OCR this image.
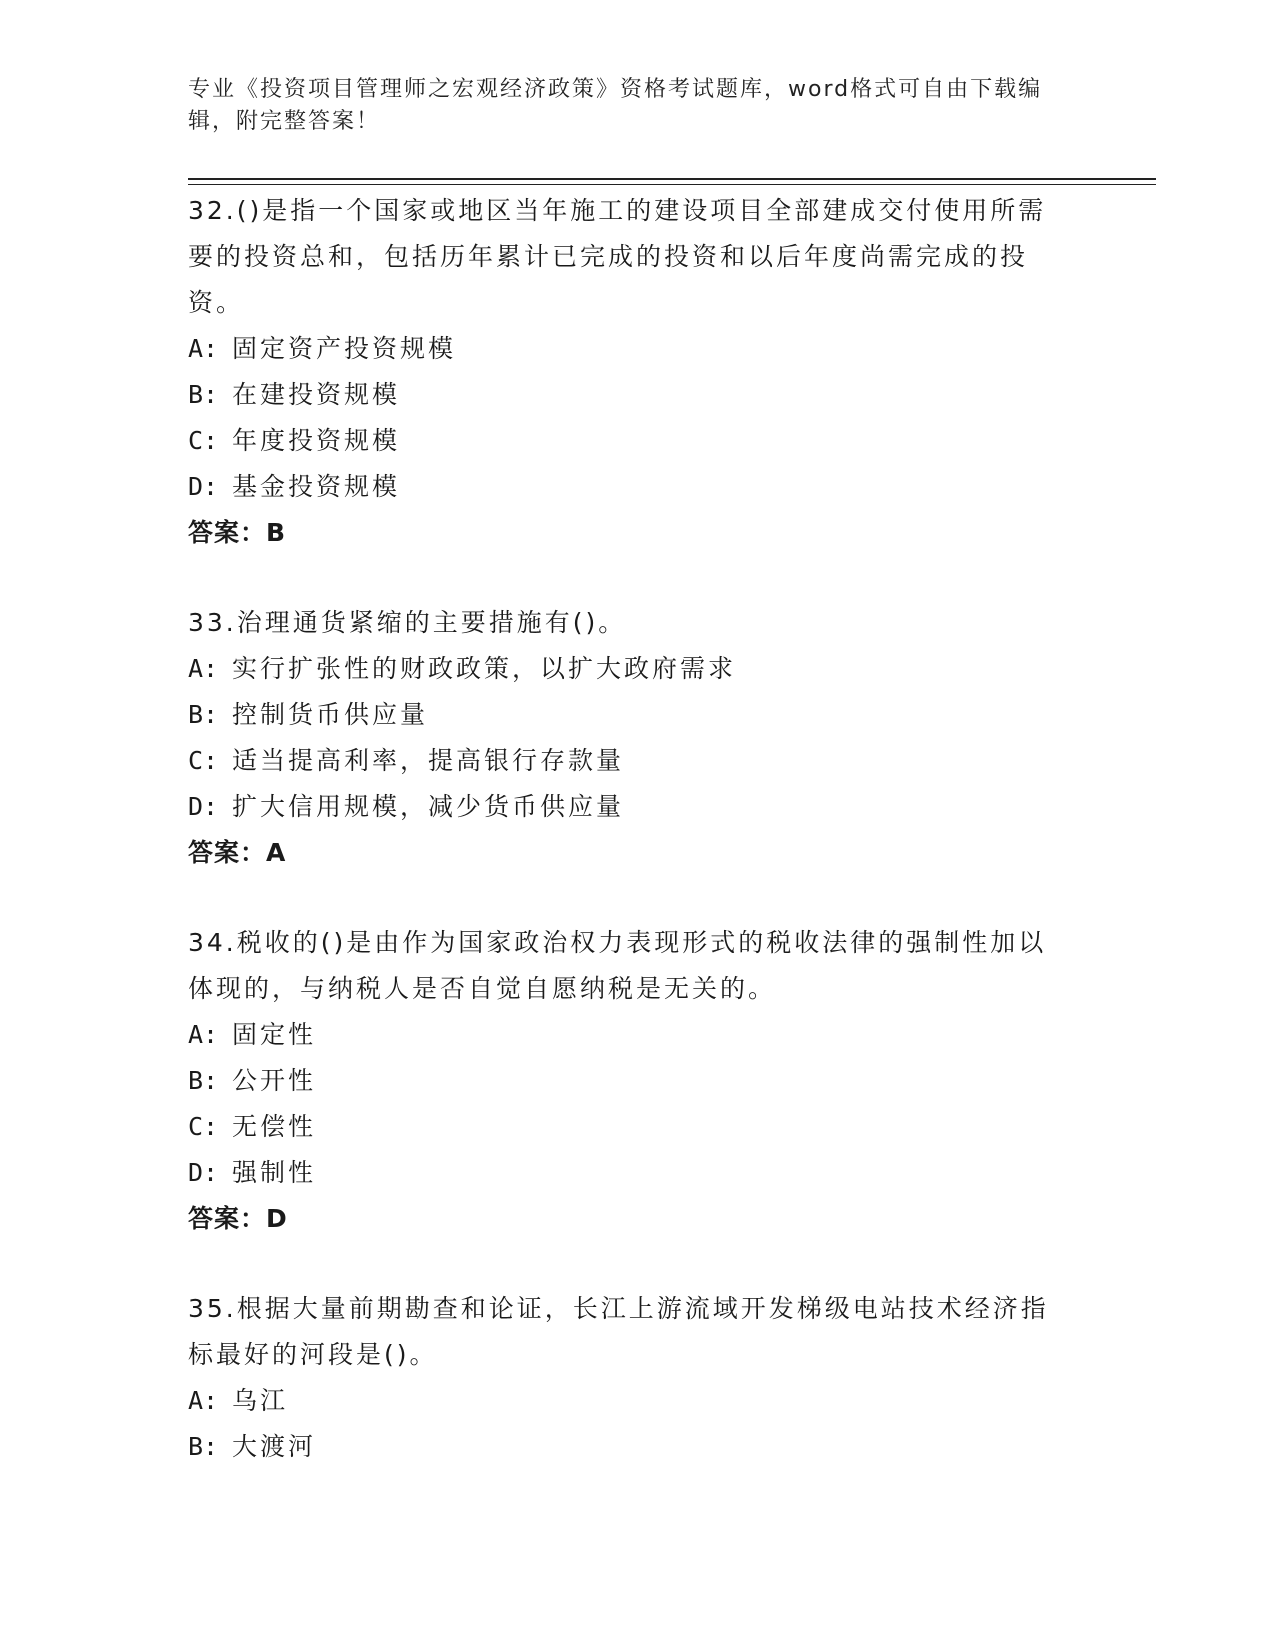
专业《投资项目管理师之宏观经济政策》资格考试题库，word格式可自由下载编辑，附完整答案！

32.()是指一个国家或地区当年施工的建设项目全部建成交付使用所需要的投资总和，包括历年累计已完成的投资和以后年度尚需完成的投资。

A: 固定资产投资规模

B: 在建投资规模

C: 年度投资规模

D: 基金投资规模

答案：B

33.治理通货紧缩的主要措施有()。

A: 实行扩张性的财政政策，以扩大政府需求

B: 控制货币供应量

C: 适当提高利率，提高银行存款量

D: 扩大信用规模，减少货币供应量

答案：A

34.税收的()是由作为国家政治权力表现形式的税收法律的强制性加以体现的，与纳税人是否自觉自愿纳税是无关的。

A: 固定性

B: 公开性

C: 无偿性

D: 强制性

答案：D

35.根据大量前期勘查和论证，长江上游流域开发梯级电站技术经济指标最好的河段是()。

A: 乌江

B: 大渡河
